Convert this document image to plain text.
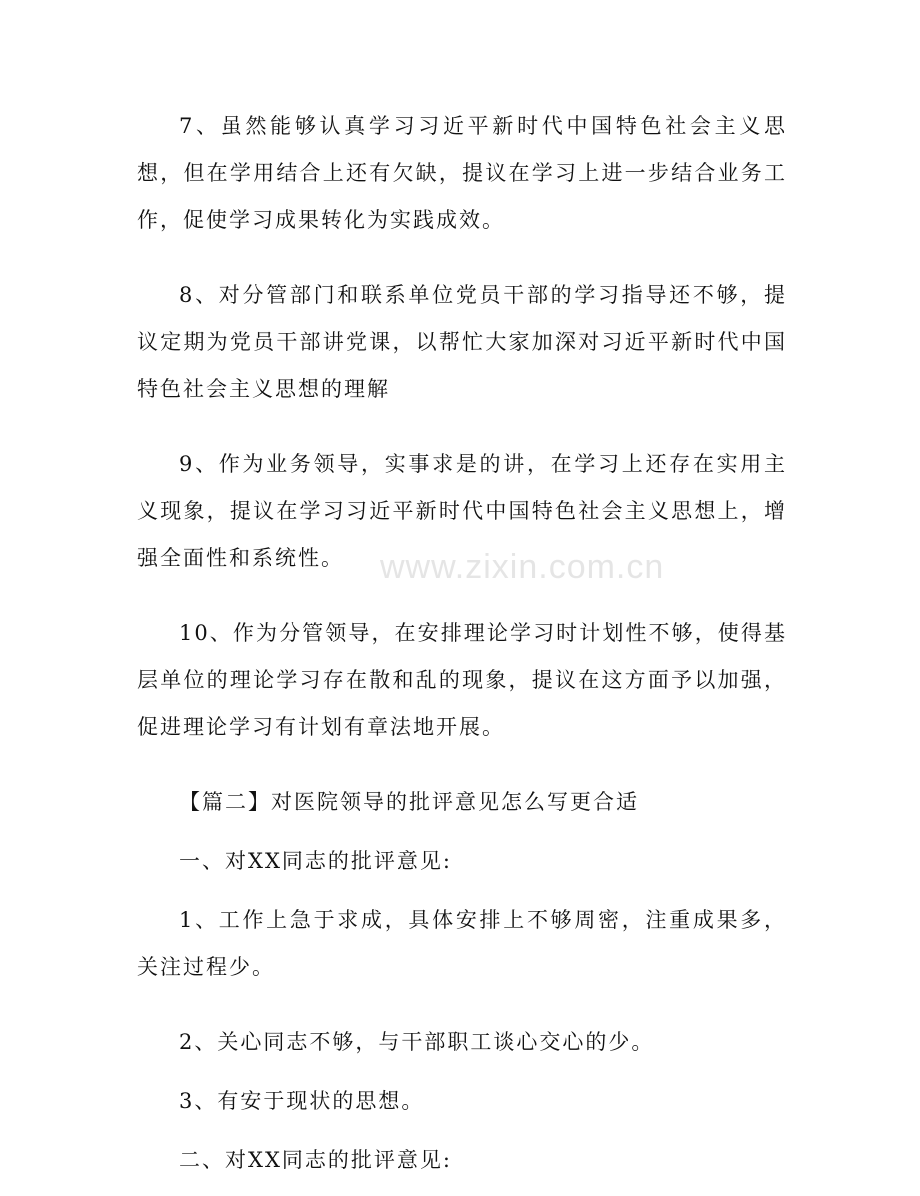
7、虽然能够认真学习习近平新时代中国特色社会主义思想，但在学用结合上还有欠缺，提议在学习上进一步结合业务工作，促使学习成果转化为实践成效。

8、对分管部门和联系单位党员干部的学习指导还不够，提议定期为党员干部讲党课，以帮忙大家加深对习近平新时代中国特色社会主义思想的理解

9、作为业务领导，实事求是的讲，在学习上还存在实用主义现象，提议在学习习近平新时代中国特色社会主义思想上，增强全面性和系统性。

10、作为分管领导，在安排理论学习时计划性不够，使得基层单位的理论学习存在散和乱的现象，提议在这方面予以加强，促进理论学习有计划有章法地开展。

【篇二】对医院领导的批评意见怎么写更合适

一、对XX同志的批评意见:

1、工作上急于求成，具体安排上不够周密，注重成果多，关注过程少。

2、关心同志不够，与干部职工谈心交心的少。

3、有安于现状的思想。

二、对XX同志的批评意见:

www.zixin.com.cn
